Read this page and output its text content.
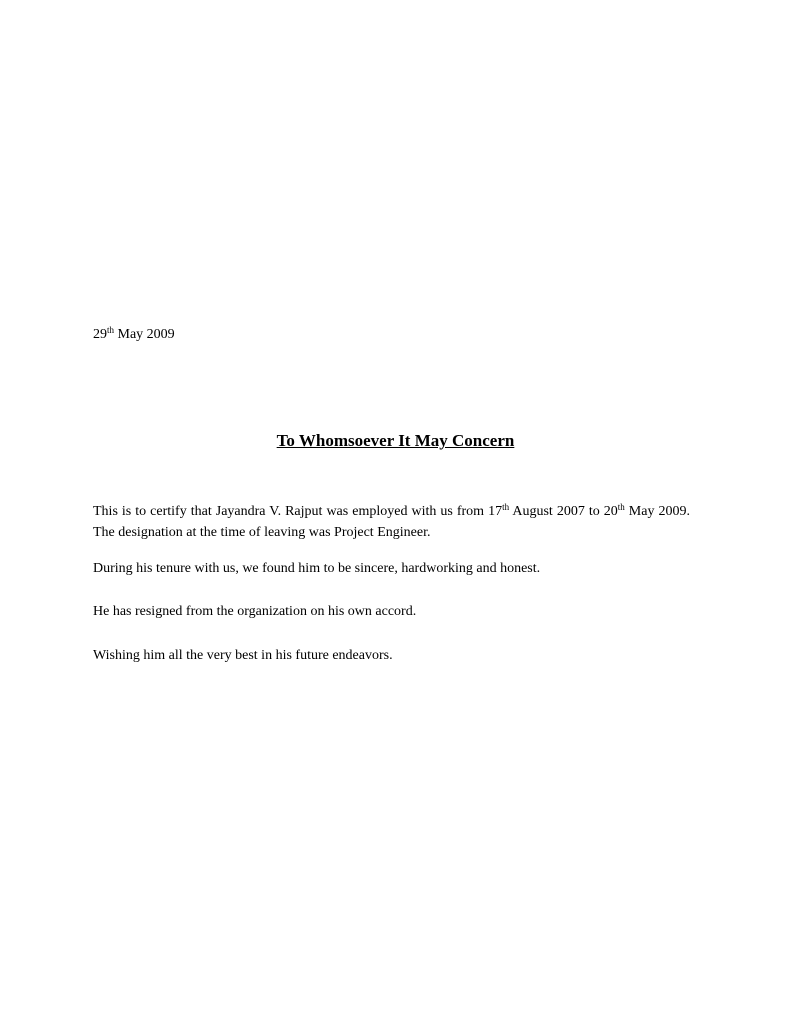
29th May 2009
To Whomsoever It May Concern
This is to certify that Jayandra V. Rajput was employed with us from 17th August 2007 to 20th May 2009. The designation at the time of leaving was Project Engineer.
During his tenure with us, we found him to be sincere, hardworking and honest.
He has resigned from the organization on his own accord.
Wishing him all the very best in his future endeavors.
